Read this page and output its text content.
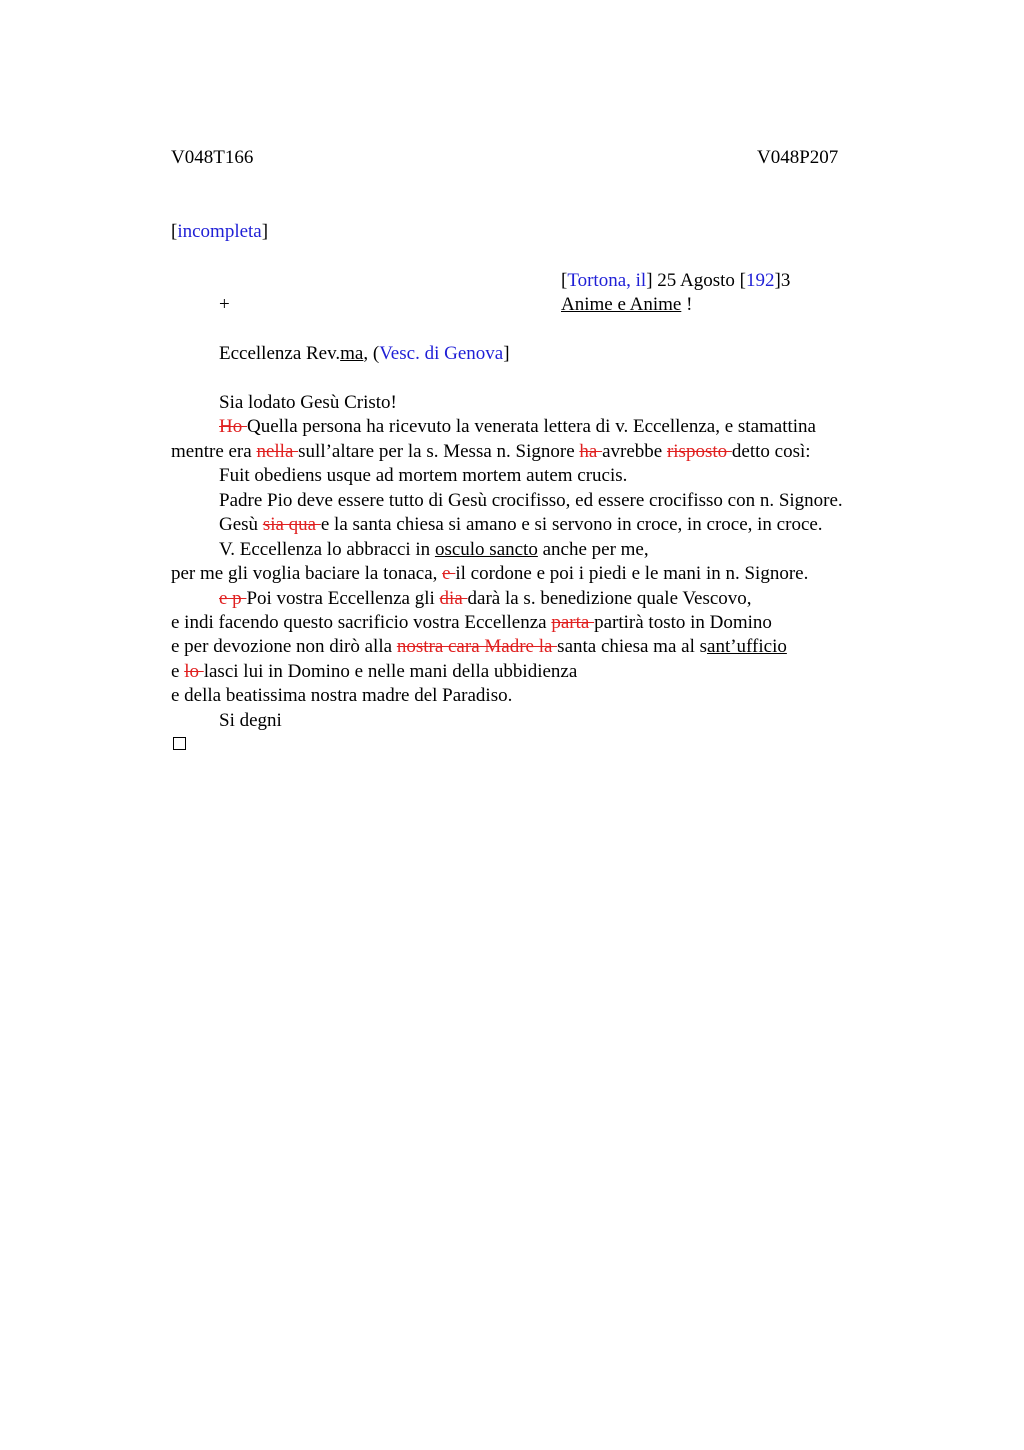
V048T166	V048P207
[incompleta]
[Tortona, il] 25 Agosto [192]3
+	Anime e Anime !
Eccellenza Rev.ma, (Vesc. di Genova]
Sia lodato Gesù Cristo!
Ho Quella persona ha ricevuto la venerata lettera di v. Eccellenza, e stamattina
mentre era nella sull’altare per la s. Messa n. Signore ha avrebbe risposto detto così:
Fuit obediens usque ad mortem mortem autem crucis.
Padre Pio deve essere tutto di Gesù crocifisso, ed essere crocifisso con n. Signore.
Gesù sia qua e la santa chiesa si amano e si servono in croce, in croce, in croce.
V. Eccellenza lo abbracci in osculo sancto anche per me,
per me gli voglia baciare la tonaca, e il cordone e poi i piedi e le mani in n. Signore.
e p Poi vostra Eccellenza gli dia darà la s. benedizione quale Vescovo,
e indi facendo questo sacrificio vostra Eccellenza parta partirà tosto in Domino
e per devozione non dirò alla nostra cara Madre la santa chiesa ma al sant’ufficio
e lo lasci lui in Domino e nelle mani della ubbidienza
e della beatissima nostra madre del Paradiso.
Si degni
